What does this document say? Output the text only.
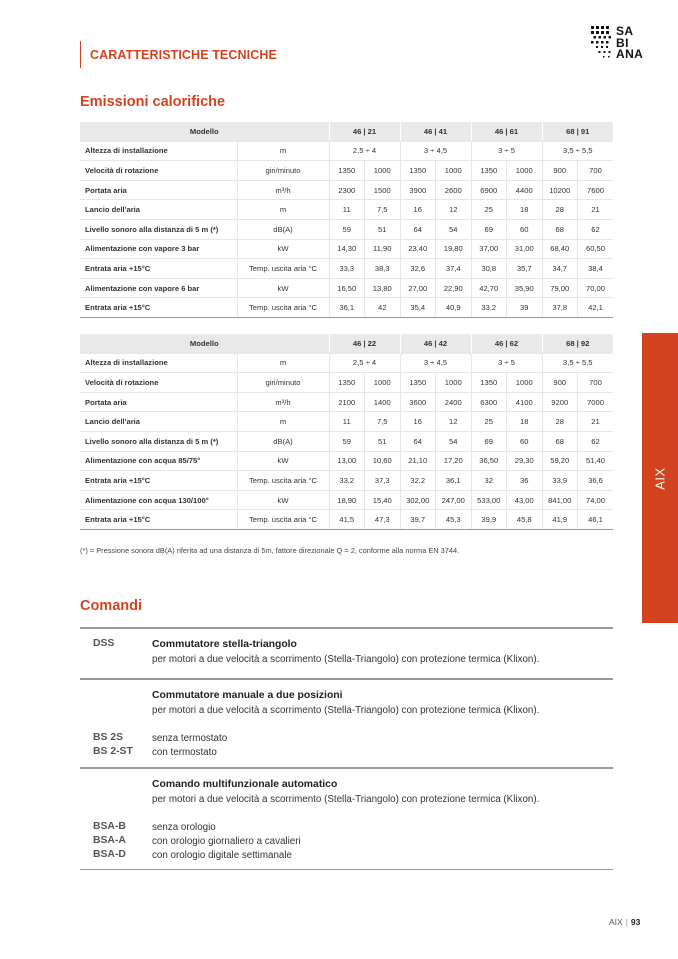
CARATTERISTICHE TECNICHE
SA
BI
ANA
Emissioni calorifiche
Modello		46 | 21		46 | 41		46 | 61		68 | 91	
Altezza di installazione	m	2,5 ÷ 4		3 ÷ 4,5		3 ÷ 5		3,5 ÷ 5,5	
Velocità di rotazione	giri/minuto	1350	1000	1350	1000	1350	1000	900	700
Portata aria	m³/h	2300	1500	3900	2600	6900	4400	10200	7600
Lancio dell'aria	m	11	7,5	16	12	25	18	28	21
Livello sonoro alla distanza di 5 m (*)	dB(A)	59	51	64	54	69	60	68	62
Alimentazione con vapore 3 bar	kW	14,30	11,90	23,40	19,80	37,00	31,00	68,40	60,50
Entrata aria +15°C	Temp. uscita aria °C	33,3	38,3	32,6	37,4	30,8	35,7	34,7	38,4
Alimentazione con vapore 6 bar	kW	16,50	13,80	27,00	22,90	42,70	35,90	79,00	70,00
Entrata aria +15°C	Temp. uscita aria °C	36,1	42	35,4	40,9	33,2	39	37,8	42,1
Modello		46 | 22		46 | 42		46 | 62		68 | 92	
Altezza di installazione	m	2,5 ÷ 4		3 ÷ 4,5		3 ÷ 5		3,5 ÷ 5,5	
Velocità di rotazione	giri/minuto	1350	1000	1350	1000	1350	1000	900	700
Portata aria	m³/h	2100	1400	3600	2400	6300	4100	9200	7000
Lancio dell'aria	m	11	7,5	16	12	25	18	28	21
Livello sonoro alla distanza di 5 m (*)	dB(A)	59	51	64	54	69	60	68	62
Alimentazione con acqua 85/75°	kW	13,00	10,60	21,10	17,20	36,50	29,30	59,20	51,40
Entrata aria +15°C	Temp. uscita aria °C	33,2	37,3	32,2	36,1	32	36	33,9	36,6
Alimentazione con acqua 130/100°	kW	18,90	15,40	302,00	247,00	533,00	43,00	841,00	74,00
Entrata aria +15°C	Temp. uscita aria °C	41,5	47,3	39,7	45,3	39,9	45,8	41,9	46,1
(*) = Pressione sonora dB(A) riferita ad una distanza di 5m, fattore direzionale Q = 2, conforme alla norma EN 3744.
AIX
Comandi
DSS	Commutatore stella-triangolo
per motori a due velocità a scorrimento (Stella-Triangolo) con protezione termica (Klixon).
Commutatore manuale a due posizioni
per motori a due velocità a scorrimento (Stella-Triangolo) con protezione termica (Klixon).
BS 2S	senza termostato
BS 2-ST con termostato
Comando multifunzionale automatico
per motori a due velocità a scorrimento (Stella-Triangolo) con protezione termica (Klixon).
BSA-B	senza orologio
BSA-A	con orologio giornaliero a cavalieri
BSA-D	con orologio digitale settimanale
AIX | 93
